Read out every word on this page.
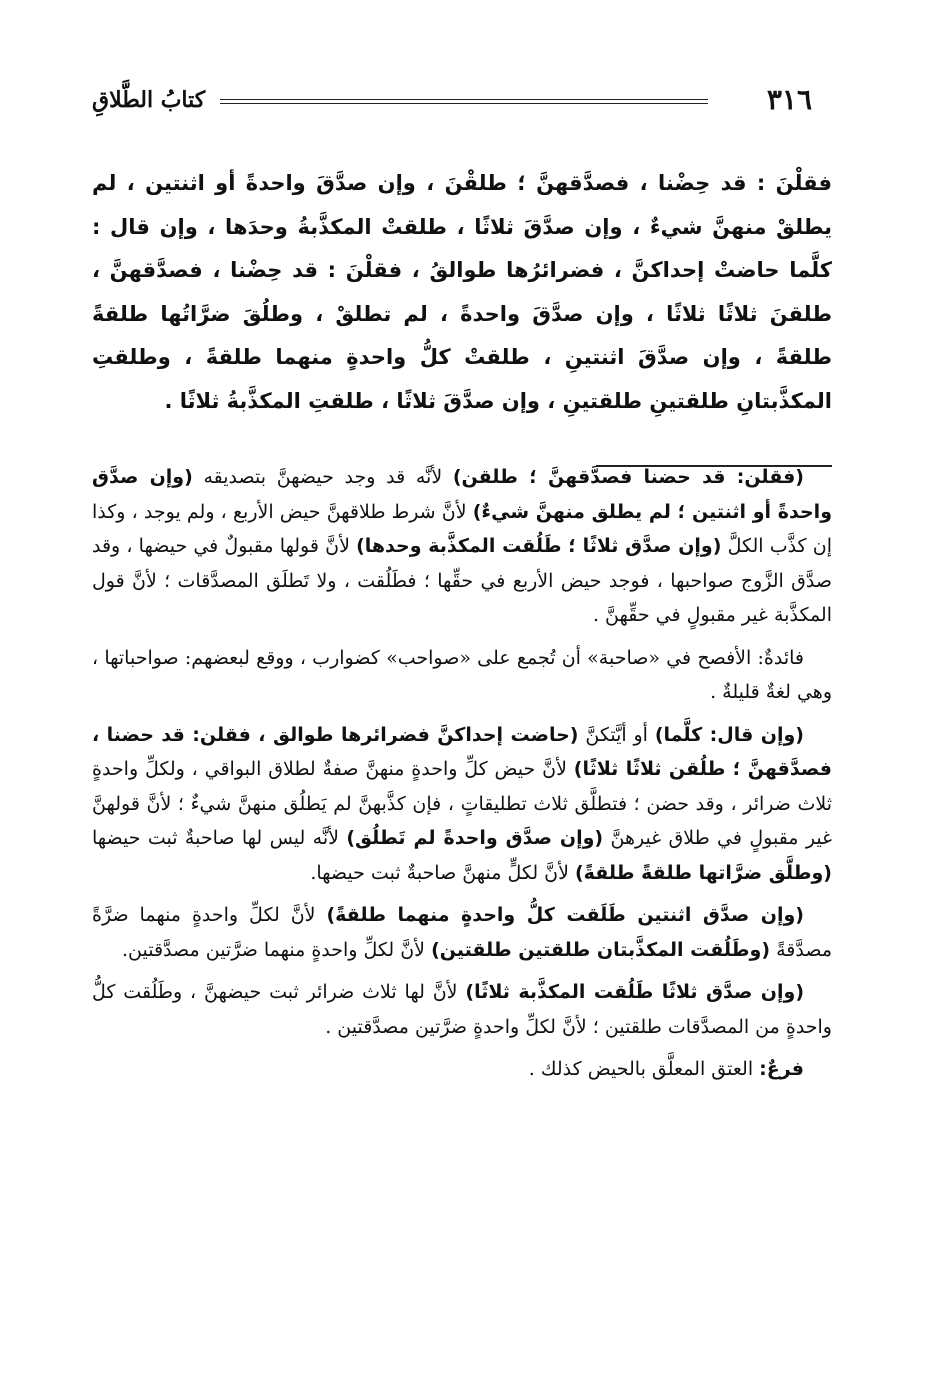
٣١٦
كتابُ الطَّلاقِ
فقلْنَ : قد حِضْنا ، فصدَّقهنَّ ؛ طلقْنَ ، وإن صدَّقَ واحدةً أو اثنتين ، لم يطلقْ منهنَّ شيءٌ ، وإن صدَّقَ ثلاثًا ، طلقتْ المكذَّبةُ وحدَها ، وإن قال : كلَّما حاضتْ إحداكنَّ ، فضرائرُها طوالقُ ، فقلْنَ : قد حِضْنا ، فصدَّقهنَّ ، طلقنَ ثلاثًا ثلاثًا ، وإن صدَّقَ واحدةً ، لم تطلقْ ، وطلُقَ ضرَّاتُها طلقةً طلقةً ، وإن صدَّقَ اثنتينِ ، طلقتْ كلُّ واحدةٍ منهما طلقةً ، وطلقتِ المكذَّبتانِ طلقتينِ طلقتينِ ، وإن صدَّقَ ثلاثًا ، طلقتِ المكذَّبةُ ثلاثًا .

(فقلن: قد حضنا فصدَّقهنَّ ؛ طلقن) لأنَّه قد وجد حيضهنَّ بتصديقه (وإن صدَّق واحدةً أو اثنتين ؛ لم يطلق منهنَّ شيءٌ) لأنَّ شرط طلاقهنَّ حيض الأربع ، ولم يوجد ، وكذا إن كذَّب الكلَّ (وإن صدَّق ثلاثًا ؛ طَلُقت المكذَّبة وحدها) لأنَّ قولها مقبولٌ في حيضها ، وقد صدَّق الزَّوج صواحبها ، فوجد حيض الأربع في حقِّها ؛ فطَلُقت ، ولا تَطلَق المصدَّقات ؛ لأنَّ قول المكذَّبة غير مقبولٍ في حقِّهنَّ .

فائدةٌ: الأفصح في «صاحبة» أن تُجمع على «صواحب» كضوارب ، ووقع لبعضهم: صواحباتها ، وهي لغةٌ قليلةٌ .

(وإن قال: كلَّما) أو أيَّتكنَّ (حاضت إحداكنَّ فضرائرها طوالق ، فقلن: قد حضنا ، فصدَّقهنَّ ؛ طلُقن ثلاثًا ثلاثًا) لأنَّ حيض كلِّ واحدةٍ منهنَّ صفةٌ لطلاق البواقي ، ولكلِّ واحدةٍ ثلاث ضرائر ، وقد حضن ؛ فتطلَّق ثلاث تطليقاتٍ ، فإن كذَّبهنَّ لم يَطلُق منهنَّ شيءٌ ؛ لأنَّ قولهنَّ غير مقبولٍ في طلاق غيرهنَّ (وإن صدَّق واحدةً لم تَطلُق) لأنَّه ليس لها صاحبةٌ ثبت حيضها (وطلَّق ضرَّاتها طلقةً طلقةً) لأنَّ لكلٍّ منهنَّ صاحبةٌ ثبت حيضها.

(وإن صدَّق اثنتين طَلَقت كلُّ واحدةٍ منهما طلقةً) لأنَّ لكلِّ واحدةٍ منهما ضرَّةً مصدَّقةً (وطَلُقت المكذَّبتان طلقتين طلقتين) لأنَّ لكلِّ واحدةٍ منهما ضرَّتين مصدَّقتين.

(وإن صدَّق ثلاثًا طَلُقت المكذَّبة ثلاثًا) لأنَّ لها ثلاث ضرائر ثبت حيضهنَّ ، وطَلُقت كلُّ واحدةٍ من المصدَّقات طلقتين ؛ لأنَّ لكلِّ واحدةٍ ضرَّتين مصدَّقتين .

فرعٌ: العتق المعلَّق بالحيض كذلك .
